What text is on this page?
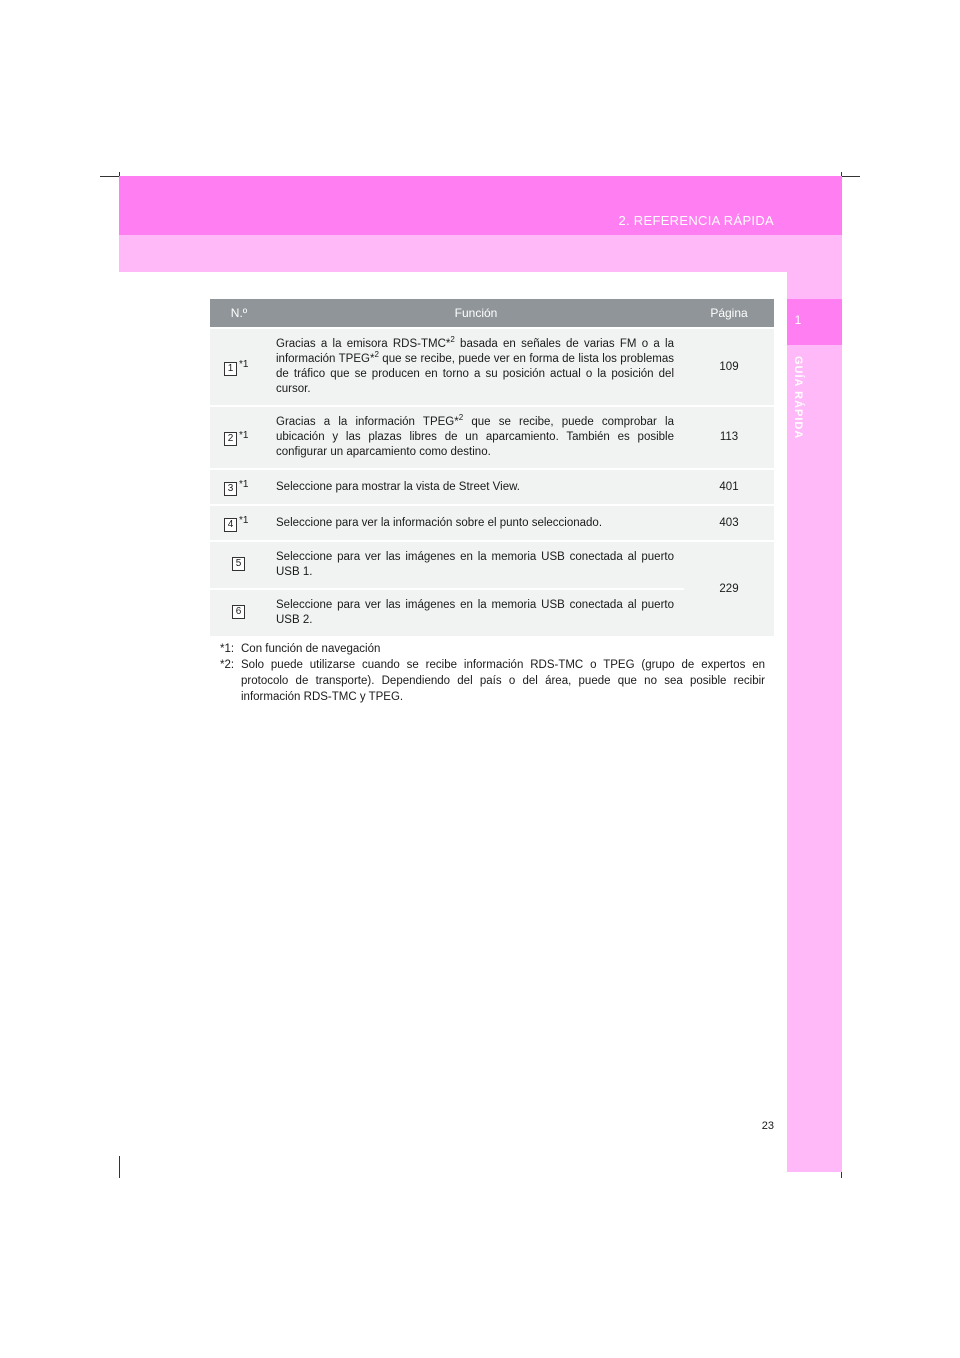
2. REFERENCIA RÁPIDA
1
GUÍA RÁPIDA
N.º	Función	Página
1 *1	Gracias a la emisora RDS-TMC*$^2$ basada en señales de varias FM o a la información TPEG*$^2$ que se recibe, puede ver en forma de lista los problemas de tráfico que se producen en torno a su posición actual o la posición del cursor.	109
2 *1	Gracias a la información TPEG*$^2$ que se recibe, puede comprobar la ubicación y las plazas libres de un aparcamiento. También es posible configurar un aparcamiento como destino.	113
3 *1	Seleccione para mostrar la vista de Street View.	401
4 *1	Seleccione para ver la información sobre el punto seleccionado.	403
5	Seleccione para ver las imágenes en la memoria USB conectada al puerto USB 1.	229
6	Seleccione para ver las imágenes en la memoria USB conectada al puerto USB 2.	
*1: Con función de navegación
*2: Solo puede utilizarse cuando se recibe información RDS-TMC o TPEG (grupo de expertos en protocolo de transporte). Dependiendo del país o del área, puede que no sea posible recibir información RDS-TMC y TPEG.
23
